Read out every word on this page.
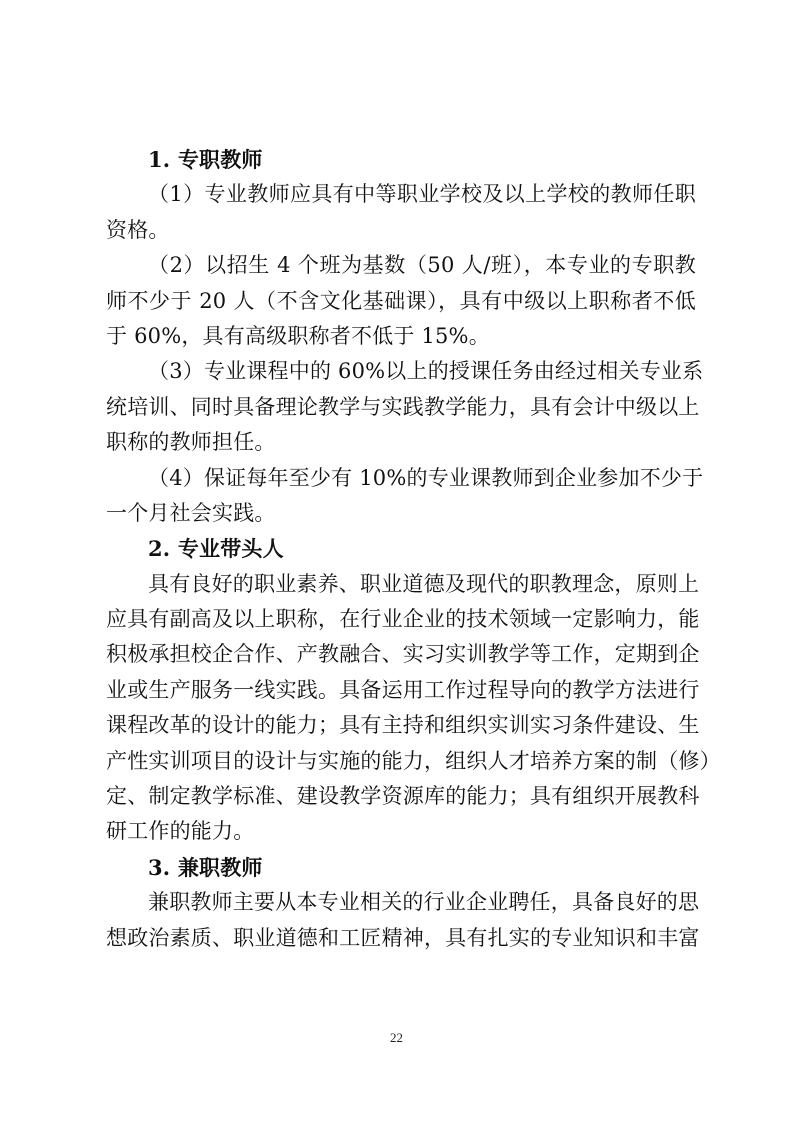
1. 专职教师
（1）专业教师应具有中等职业学校及以上学校的教师任职
资格。
（2）以招生 4 个班为基数（50 人/班），本专业的专职教
师不少于 20 人（不含文化基础课），具有中级以上职称者不低
于 60%，具有高级职称者不低于 15%。
（3）专业课程中的 60%以上的授课任务由经过相关专业系
统培训、同时具备理论教学与实践教学能力，具有会计中级以上
职称的教师担任。
（4）保证每年至少有 10%的专业课教师到企业参加不少于
一个月社会实践。
2. 专业带头人
具有良好的职业素养、职业道德及现代的职教理念，原则上
应具有副高及以上职称，在行业企业的技术领域一定影响力，能
积极承担校企合作、产教融合、实习实训教学等工作，定期到企
业或生产服务一线实践。具备运用工作过程导向的教学方法进行
课程改革的设计的能力；具有主持和组织实训实习条件建设、生
产性实训项目的设计与实施的能力，组织人才培养方案的制（修）
定、制定教学标准、建设教学资源库的能力；具有组织开展教科
研工作的能力。
3. 兼职教师
兼职教师主要从本专业相关的行业企业聘任，具备良好的思
想政治素质、职业道德和工匠精神，具有扎实的专业知识和丰富
22
